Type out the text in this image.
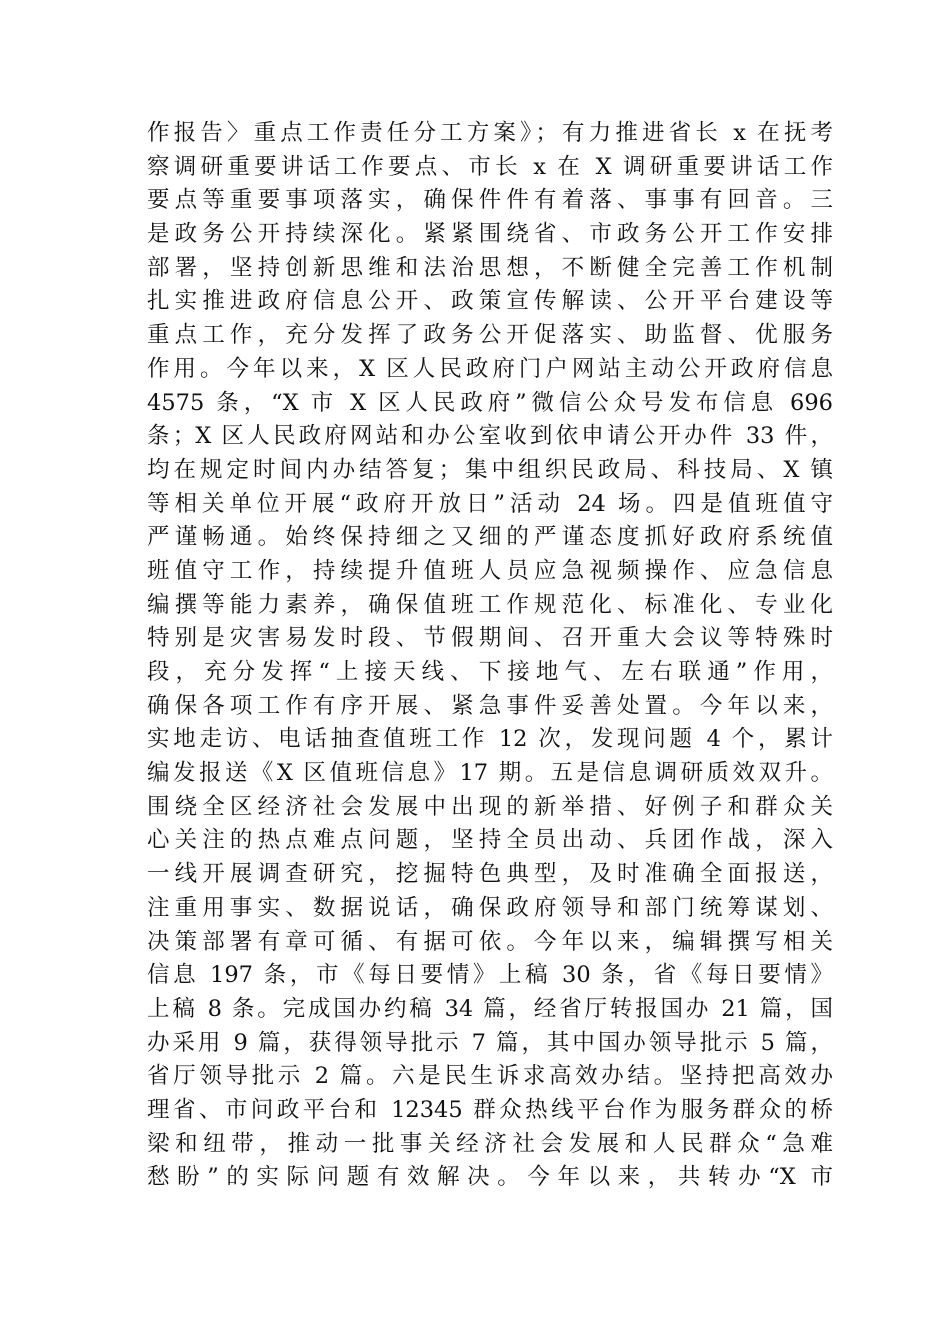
作报告〉重点工作责任分工方案》；有力推进省长 x 在抚考
察调研重要讲话工作要点、市长 x 在 X 调研重要讲话工作
要点等重要事项落实，确保件件有着落、事事有回音。三
是政务公开持续深化。紧紧围绕省、市政务公开工作安排
部署，坚持创新思维和法治思想，不断健全完善工作机制
扎实推进政府信息公开、政策宣传解读、公开平台建设等
重点工作，充分发挥了政务公开促落实、助监督、优服务
作用。今年以来，X 区人民政府门户网站主动公开政府信息
4575 条，“X 市 X 区人民政府”微信公众号发布信息 696
条；X 区人民政府网站和办公室收到依申请公开办件 33 件，
均在规定时间内办结答复；集中组织民政局、科技局、X 镇
等相关单位开展“政府开放日”活动 24 场。四是值班值守
严谨畅通。始终保持细之又细的严谨态度抓好政府系统值
班值守工作，持续提升值班人员应急视频操作、应急信息
编撰等能力素养，确保值班工作规范化、标准化、专业化
特别是灾害易发时段、节假期间、召开重大会议等特殊时
段，充分发挥“上接天线、下接地气、左右联通”作用，
确保各项工作有序开展、紧急事件妥善处置。今年以来，
实地走访、电话抽查值班工作 12 次，发现问题 4 个，累计
编发报送《X 区值班信息》17 期。五是信息调研质效双升。
围绕全区经济社会发展中出现的新举措、好例子和群众关
心关注的热点难点问题，坚持全员出动、兵团作战，深入
一线开展调查研究，挖掘特色典型，及时准确全面报送，
注重用事实、数据说话，确保政府领导和部门统筹谋划、
决策部署有章可循、有据可依。今年以来，编辑撰写相关
信息 197 条，市《每日要情》上稿 30 条，省《每日要情》
上稿 8 条。完成国办约稿 34 篇，经省厅转报国办 21 篇，国
办采用 9 篇，获得领导批示 7 篇，其中国办领导批示 5 篇，
省厅领导批示 2 篇。六是民生诉求高效办结。坚持把高效办
理省、市问政平台和 12345 群众热线平台作为服务群众的桥
梁和纽带，推动一批事关经济社会发展和人民群众“急难
愁盼”的实际问题有效解决。今年以来，共转办“X 市
